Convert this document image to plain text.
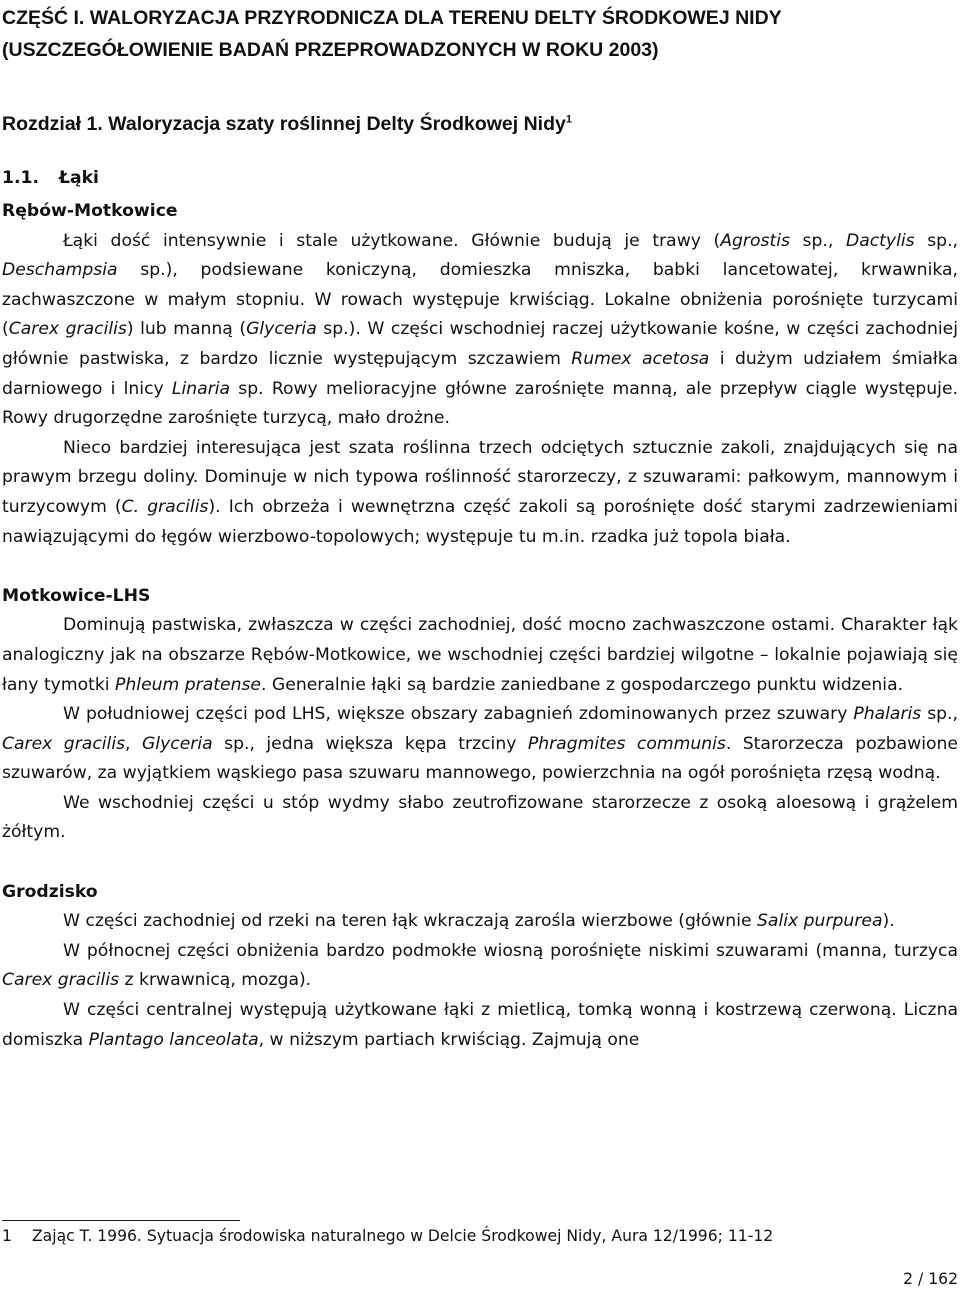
CZĘŚĆ I. WALORYZACJA PRZYRODNICZA DLA TERENU DELTY ŚRODKOWEJ NIDY
(USZCZEGÓŁOWIENIE BADAŃ PRZEPROWADZONYCH W ROKU 2003)
Rozdział 1. Waloryzacja szaty roślinnej Delty Środkowej Nidy$^1$
1.1. Łąki
Rębów-Motkowice

Łąki dość intensywnie i stale użytkowane. Głównie budują je trawy (Agrostis sp., Dactylis sp., Deschampsia sp.), podsiewane koniczyną, domieszka mniszka, babki lancetowatej, krwawnika, zachwaszczone w małym stopniu. W rowach występuje krwiściąg. Lokalne obniżenia porośnięte turzycami (Carex gracilis) lub manną (Glyceria sp.). W części wschodniej raczej użytkowanie kośne, w części zachodniej głównie pastwiska, z bardzo licznie występującym szczawiem Rumex acetosa i dużym udziałem śmiałka darniowego i lnicy Linaria sp. Rowy melioracyjne główne zarośnięte manną, ale przepływ ciągle występuje. Rowy drugorzędne zarośnięte turzycą, mało drożne.

Nieco bardziej interesująca jest szata roślinna trzech odciętych sztucznie zakoli, znajdujących się na prawym brzegu doliny. Dominuje w nich typowa roślinność starorzeczy, z szuwarami: pałkowym, mannowym i turzycowym (C. gracilis). Ich obrzeża i wewnętrzna część zakoli są porośnięte dość starymi zadrzewieniami nawiązującymi do łęgów wierzbowo-topolowych; występuje tu m.in. rzadka już topola biała.

Motkowice-LHS

Dominują pastwiska, zwłaszcza w części zachodniej, dość mocno zachwaszczone ostami. Charakter łąk analogiczny jak na obszarze Rębów-Motkowice, we wschodniej części bardziej wilgotne – lokalnie pojawiają się łany tymotki Phleum pratense. Generalnie łąki są bardzie zaniedbane z gospodarczego punktu widzenia.

W południowej części pod LHS, większe obszary zabagnień zdominowanych przez szuwary Phalaris sp., Carex gracilis, Glyceria sp., jedna większa kępa trzciny Phragmites communis. Starorzecza pozbawione szuwarów, za wyjątkiem wąskiego pasa szuwaru mannowego, powierzchnia na ogół porośnięta rzęsą wodną.

We wschodniej części u stóp wydmy słabo zeutrofizowane starorzecze z osoką aloesową i grążelem żółtym.

Grodzisko

W części zachodniej od rzeki na teren łąk wkraczają zarośla wierzbowe (głównie Salix purpurea).

W północnej części obniżenia bardzo podmokłe wiosną porośnięte niskimi szuwarami (manna, turzyca Carex gracilis z krwawnicą, mozga).

W części centralnej występują użytkowane łąki z mietlicą, tomką wonną i kostrzewą czerwoną. Liczna domiszka Plantago lanceolata, w niższym partiach krwiściąg. Zajmują one

1 Zając T. 1996. Sytuacja środowiska naturalnego w Delcie Środkowej Nidy, Aura 12/1996; 11-12
2 / 162
